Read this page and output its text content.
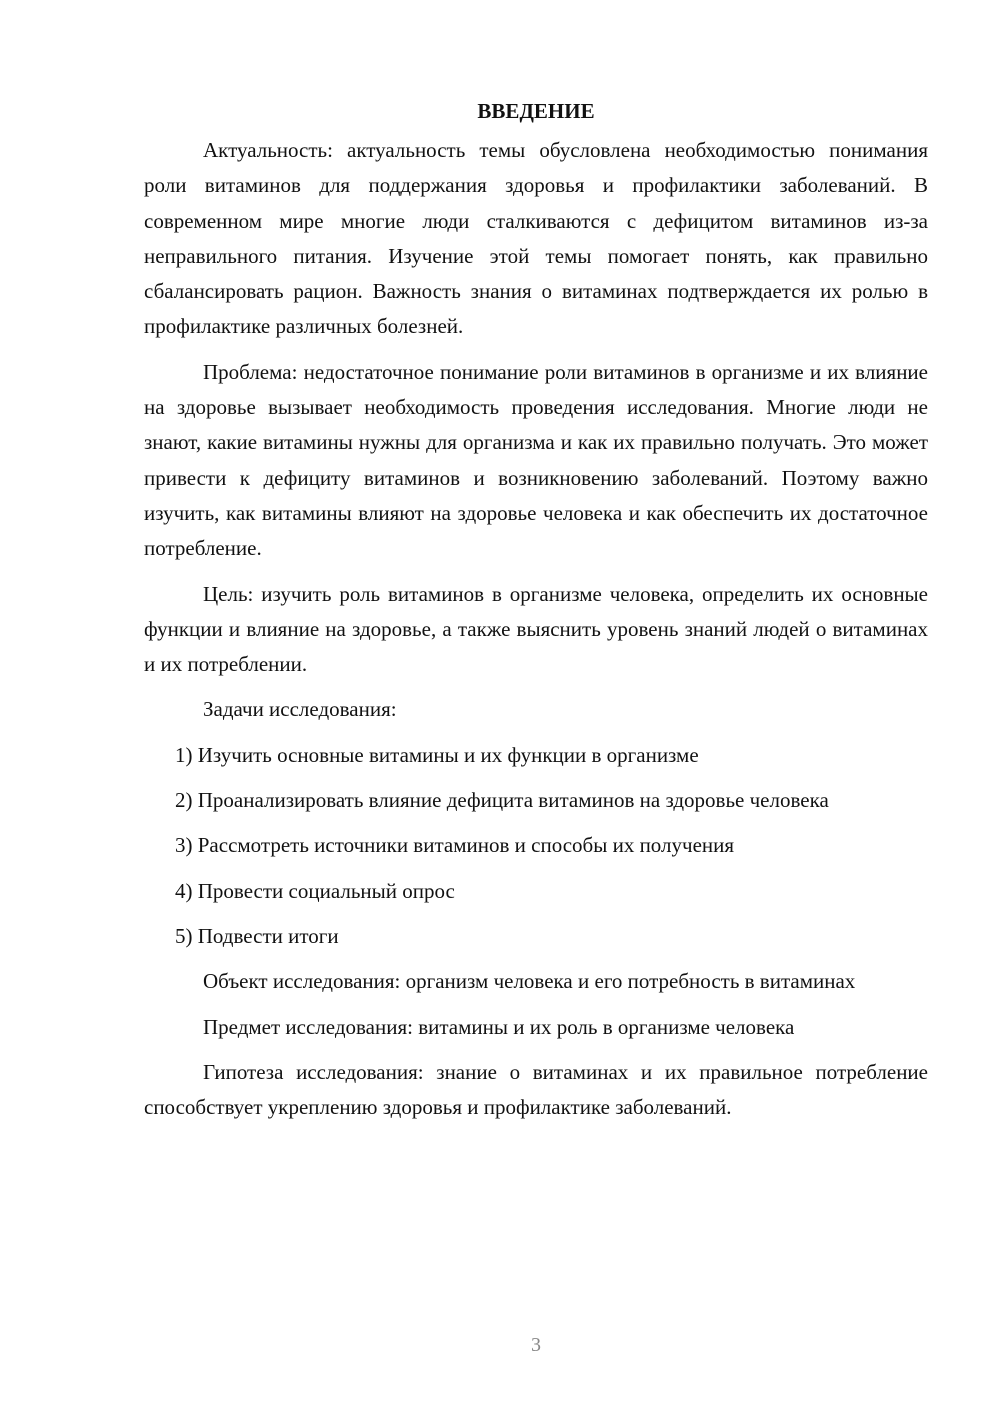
ВВЕДЕНИЕ

Актуальность: актуальность темы обусловлена необходимостью понимания роли витаминов для поддержания здоровья и профилактики заболеваний. В современном мире многие люди сталкиваются с дефицитом витаминов из-за неправильного питания. Изучение этой темы помогает понять, как правильно сбалансировать рацион. Важность знания о витаминах подтверждается их ролью в профилактике различных болезней.

Проблема: недостаточное понимание роли витаминов в организме и их влияние на здоровье вызывает необходимость проведения исследования. Многие люди не знают, какие витамины нужны для организма и как их правильно получать. Это может привести к дефициту витаминов и возникновению заболеваний. Поэтому важно изучить, как витамины влияют на здоровье человека и как обеспечить их достаточное потребление.

Цель: изучить роль витаминов в организме человека, определить их основные функции и влияние на здоровье, а также выяснить уровень знаний людей о витаминах и их потреблении.

Задачи исследования:

1) Изучить основные витамины и их функции в организме

2) Проанализировать влияние дефицита витаминов на здоровье человека

3) Рассмотреть источники витаминов и способы их получения

4) Провести социальный опрос

5) Подвести итоги

Объект исследования: организм человека и его потребность в витаминах

Предмет исследования: витамины и их роль в организме человека

Гипотеза исследования: знание о витаминах и их правильное потребление способствует укреплению здоровья и профилактике заболеваний.

3
